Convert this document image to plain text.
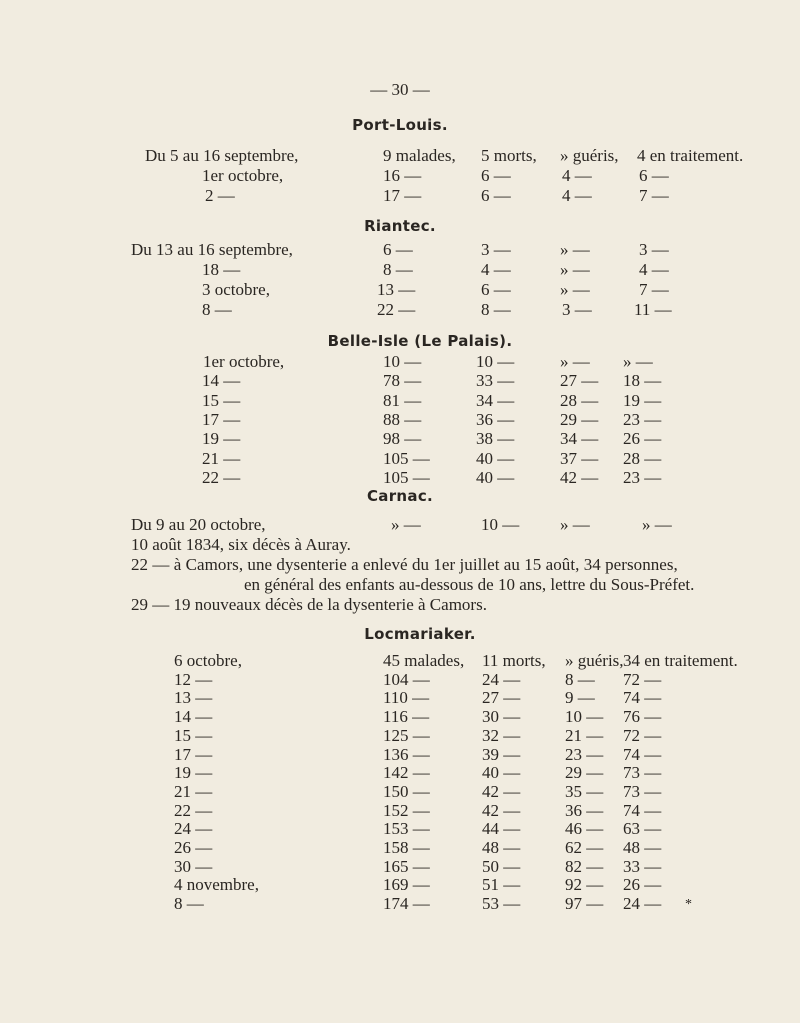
— 30 —
Port-Louis.
Du 5 au 16 septembre,	9 malades, 5 morts, » guéris, 4 en traitement.
1er octobre,	16 —	6 —	4 —	6 —
2 —	17 —	6 —	4 —	7 —
Riantec.
Du 13 au 16 septembre,	6 —	3 —	» —	3 —
18 —	8 —	4 —	» —	4 —
3 octobre,	13 —	6 —	» —	7 —
8 —	22 —	8 —	3 — 11 —
Belle-Isle (Le Palais).
1er octobre,	10 —	10 —	» — » —
14 —	78 —	33 —	27 — 18 —
15 —	81 —	34 —	28 — 19 —
17 —	88 —	36 —	29 — 23 —
19 —	98 —	38 —	34 — 26 —
21 —	105 —	40 —	37 — 28 —
22 —	105 —	40 —	42 — 23 —
Carnac.
Du 9 au 20 octobre,	» —	10 — » —	» —
10 août 1834, six décès à Auray.
22 — à Camors, une dysenterie a enlevé du 1er juillet au 15 août, 34 personnes,
en général des enfants au-dessous de 10 ans, lettre du Sous-Préfet.
29 — 19 nouveaux décès de la dysenterie à Camors.
Locmariaker.
6 octobre,	45 malades, 11 morts, » guéris, 34 en traitement.
12 —	104 —	24 —	8 — 72 —
13 —	110 —	27 —	9 — 74 —
14 —	116 —	30 —	10 — 76 —
15 —	125 —	32 —	21 — 72 —
17 —	136 —	39 —	23 — 74 —
19 —	142 —	40 —	29 — 73 —
21 —	150 —	42 —	35 — 73 —
22 —	152 —	42 —	36 — 74 —
24 —	153 —	44 —	46 — 63 —
26 —	158 —	48 —	62 — 48 —
30 —	165 —	50 —	82 — 33 —
4 novembre,	169 —	51 —	92 — 26 —
8 —	174 —	53 —	97 — 24 — *
